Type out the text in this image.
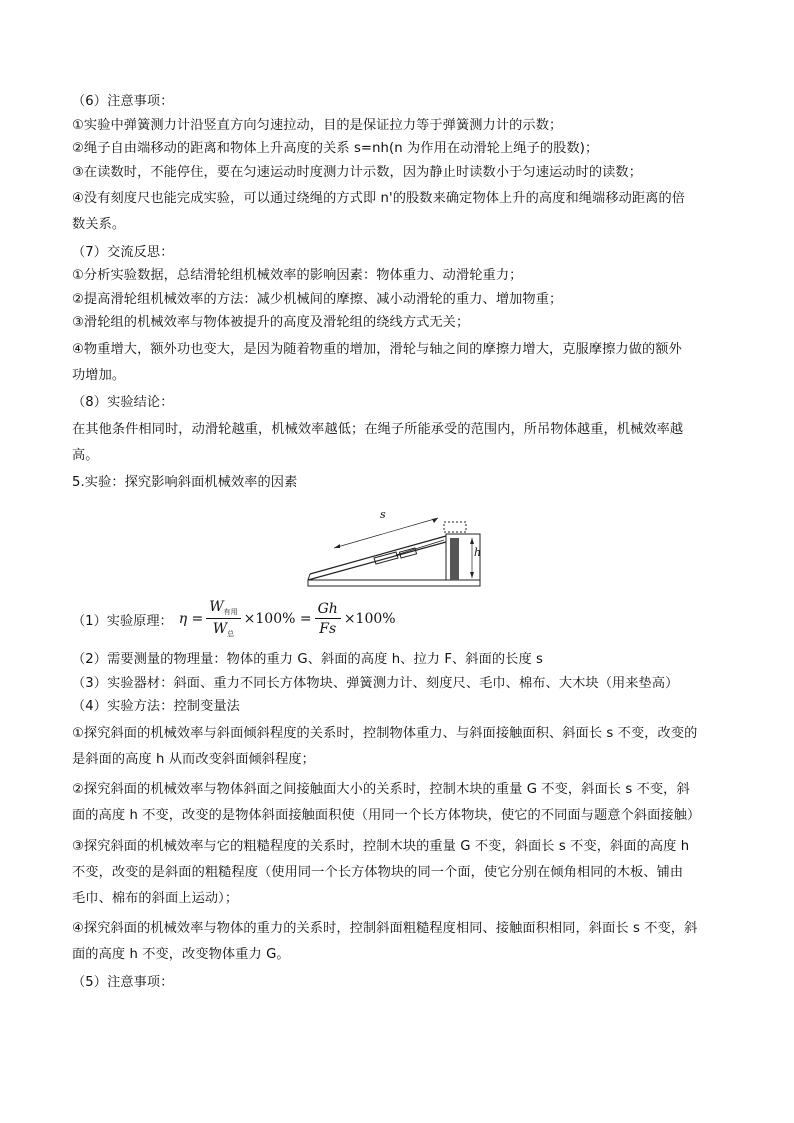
（6）注意事项：
①实验中弹簧测力计沿竖直方向匀速拉动，目的是保证拉力等于弹簧测力计的示数；
②绳子自由端移动的距离和物体上升高度的关系 s=nh(n 为作用在动滑轮上绳子的股数)；
③在读数时，不能停住，要在匀速运动时度测力计示数，因为静止时读数小于匀速运动时的读数；
④没有刻度尺也能完成实验，可以通过绕绳的方式即 n'的股数来确定物体上升的高度和绳端移动距离的倍
数关系。
（7）交流反思：
①分析实验数据，总结滑轮组机械效率的影响因素：物体重力、动滑轮重力；
②提高滑轮组机械效率的方法：减少机械间的摩擦、减小动滑轮的重力、增加物重；
③滑轮组的机械效率与物体被提升的高度及滑轮组的绕线方式无关；
④物重增大，额外功也变大，是因为随着物重的增加，滑轮与轴之间的摩擦力增大，克服摩擦力做的额外
功增加。
（8）实验结论：
在其他条件相同时，动滑轮越重，机械效率越低；在绳子所能承受的范围内，所吊物体越重，机械效率越
高。
5.实验：探究影响斜面机械效率的因素
s
h
（1）实验原理： $\eta = \frac{W_{有用}}{W_总} \times 100\% = \frac{Gh}{Fs} \times 100\%$
（2）需要测量的物理量：物体的重力 G、斜面的高度 h、拉力 F、斜面的长度 s
（3）实验器材：斜面、重力不同长方体物块、弹簧测力计、刻度尺、毛巾、棉布、大木块（用来垫高）
（4）实验方法：控制变量法
①探究斜面的机械效率与斜面倾斜程度的关系时，控制物体重力、与斜面接触面积、斜面长 s 不变，改变的
是斜面的高度 h 从而改变斜面倾斜程度；
②探究斜面的机械效率与物体斜面之间接触面大小的关系时，控制木块的重量 G 不变，斜面长 s 不变，斜
面的高度 h 不变，改变的是物体斜面接触面积使（用同一个长方体物块，使它的不同面与题意个斜面接触）
③探究斜面的机械效率与它的粗糙程度的关系时，控制木块的重量 G 不变，斜面长 s 不变，斜面的高度 h
不变，改变的是斜面的粗糙程度（使用同一个长方体物块的同一个面，使它分别在倾角相同的木板、铺由
毛巾、棉布的斜面上运动）；
④探究斜面的机械效率与物体的重力的关系时，控制斜面粗糙程度相同、接触面积相同，斜面长 s 不变，斜
面的高度 h 不变，改变物体重力 G。
（5）注意事项：
